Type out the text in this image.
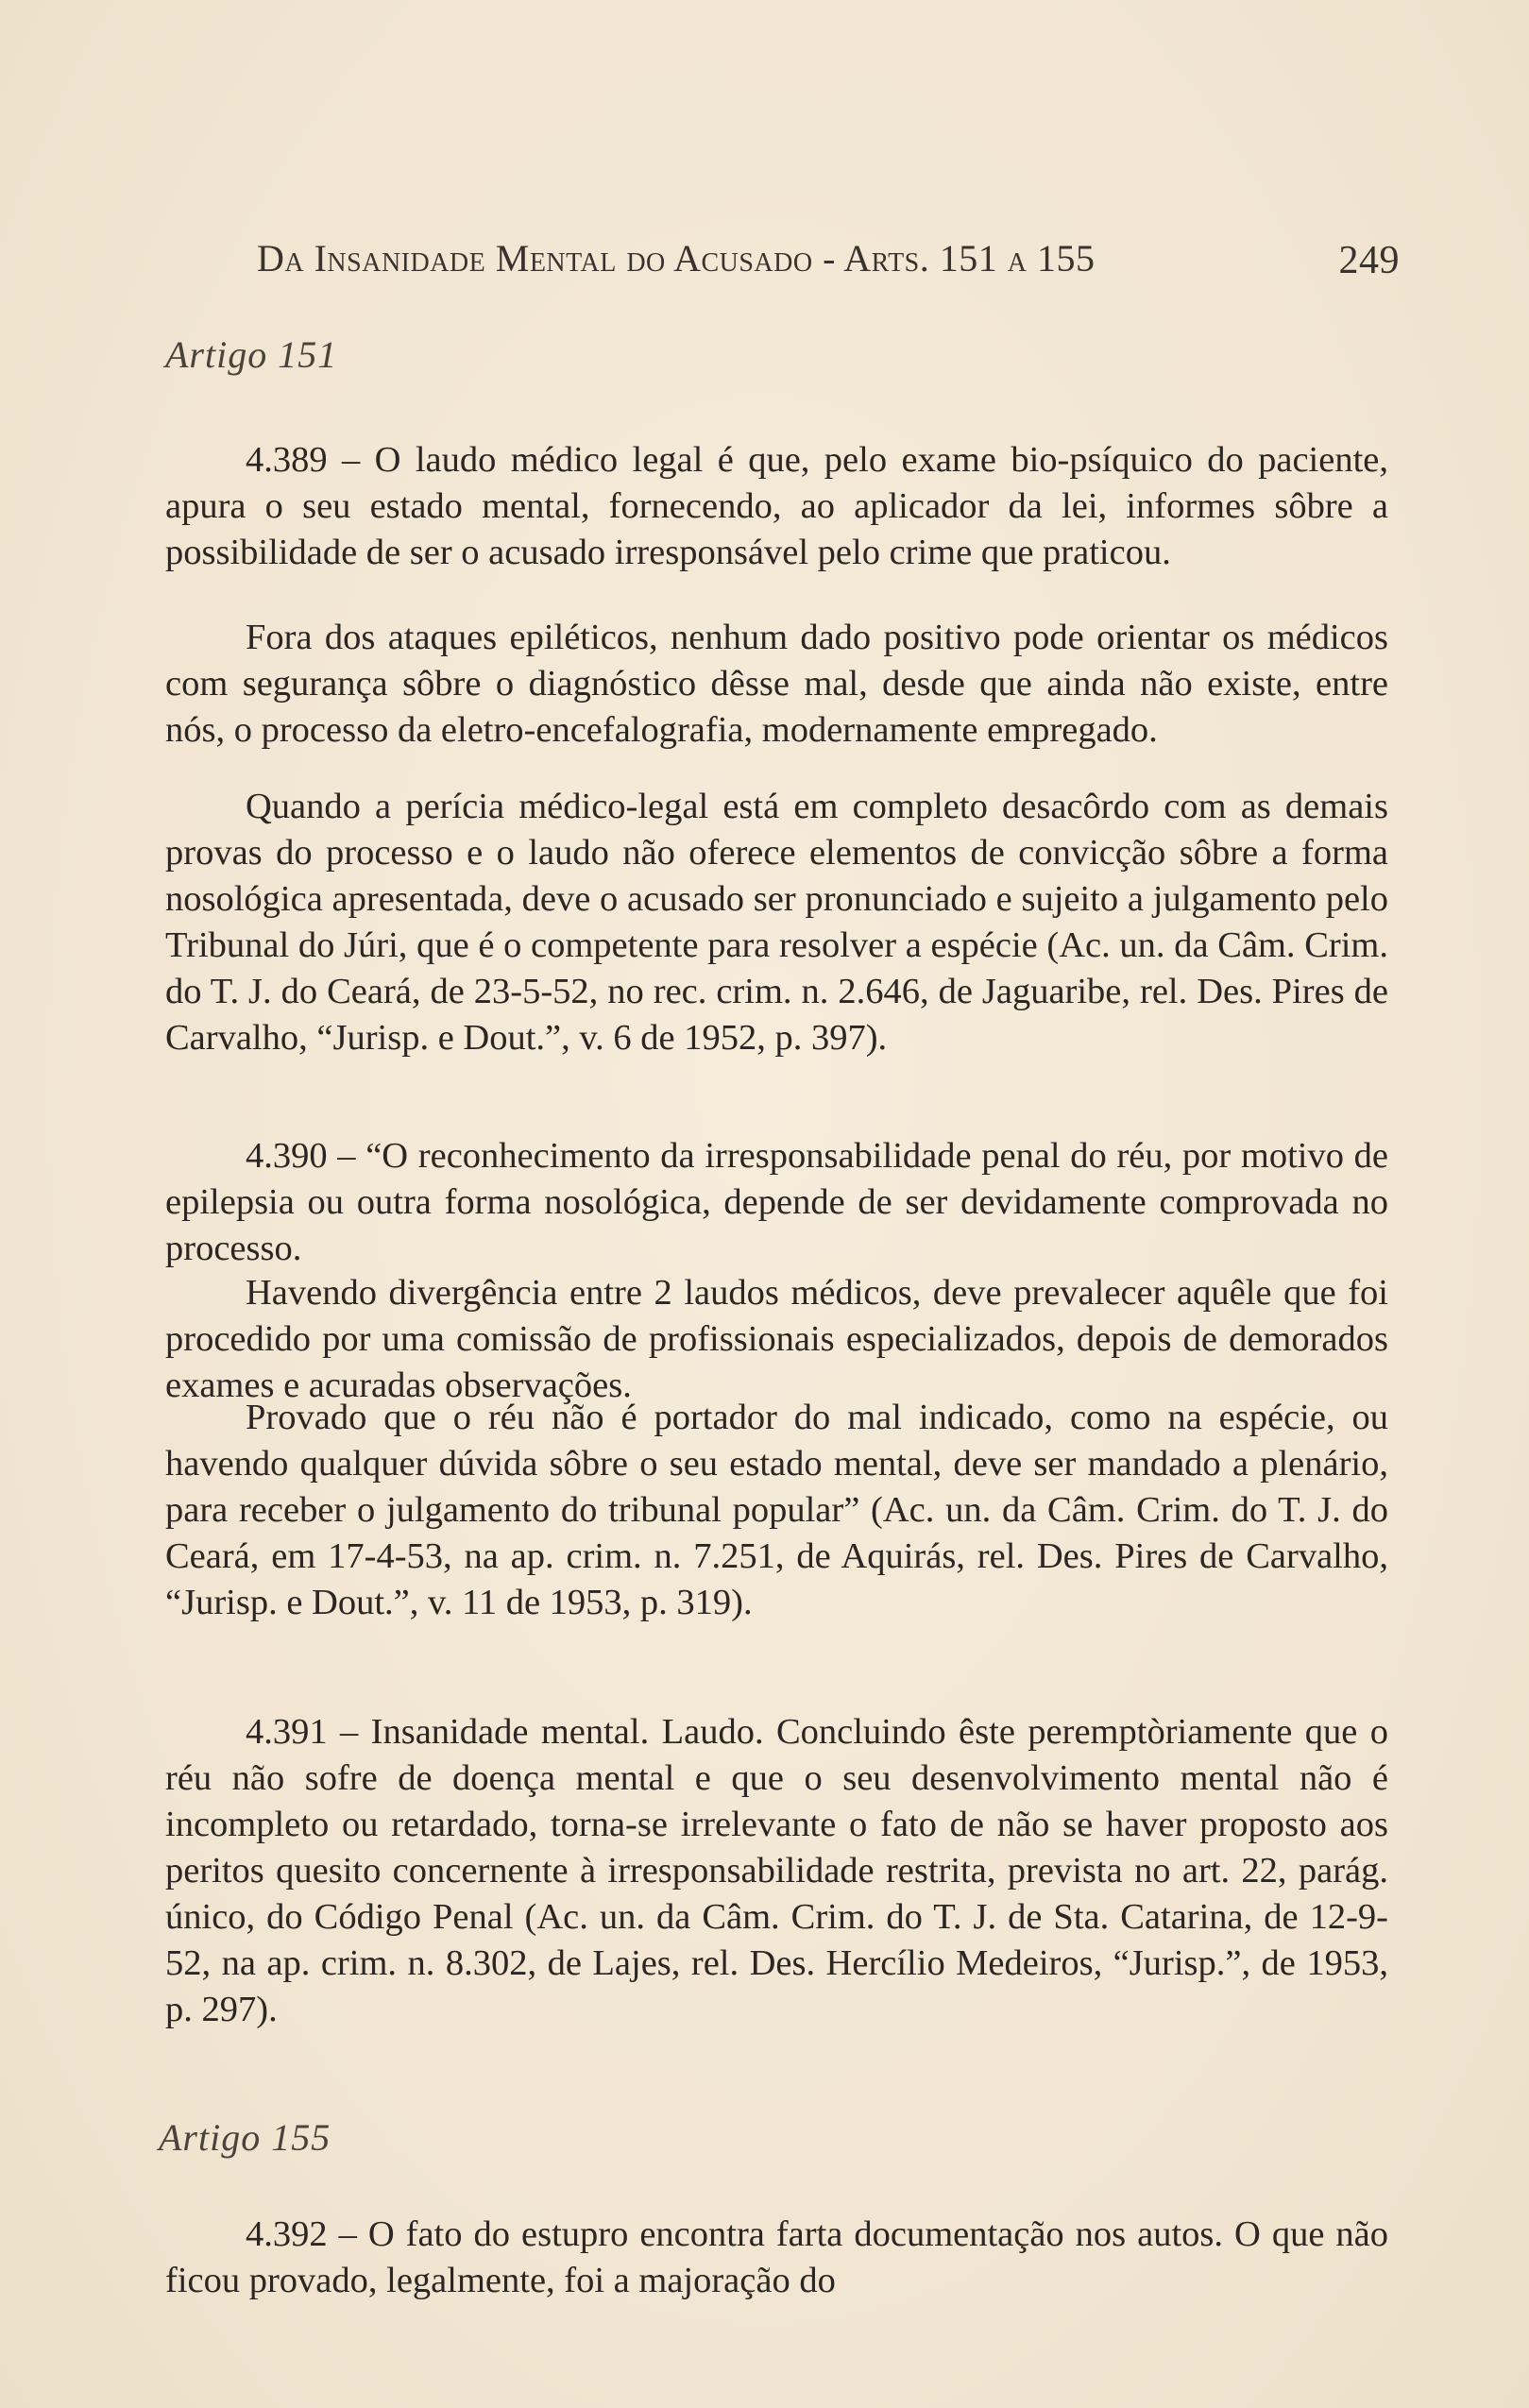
Da Insanidade Mental do Acusado - Arts. 151 a 155	249
Artigo 151

4.389 – O laudo médico legal é que, pelo exame bio-psíquico do paciente, apura o seu estado mental, fornecendo, ao aplicador da lei, informes sôbre a possibilidade de ser o acusado irresponsável pelo crime que praticou.

Fora dos ataques epiléticos, nenhum dado positivo pode orientar os médicos com segurança sôbre o diagnóstico dêsse mal, desde que ainda não existe, entre nós, o processo da eletro-encefalografia, modernamente empregado.

Quando a perícia médico-legal está em completo desacôrdo com as demais provas do processo e o laudo não oferece elementos de convicção sôbre a forma nosológica apresentada, deve o acusado ser pronunciado e sujeito a julgamento pelo Tribunal do Júri, que é o competente para resolver a espécie (Ac. un. da Câm. Crim. do T. J. do Ceará, de 23-5-52, no rec. crim. n. 2.646, de Jaguaribe, rel. Des. Pires de Carvalho, “Jurisp. e Dout.”, v. 6 de 1952, p. 397).

4.390 – “O reconhecimento da irresponsabilidade penal do réu, por motivo de epilepsia ou outra forma nosológica, depende de ser devidamente comprovada no processo.

Havendo divergência entre 2 laudos médicos, deve prevalecer aquêle que foi procedido por uma comissão de profissionais especializados, depois de demorados exames e acuradas observações.

Provado que o réu não é portador do mal indicado, como na espécie, ou havendo qualquer dúvida sôbre o seu estado mental, deve ser mandado a plenário, para receber o julgamento do tribunal popular” (Ac. un. da Câm. Crim. do T. J. do Ceará, em 17-4-53, na ap. crim. n. 7.251, de Aquirás, rel. Des. Pires de Carvalho, “Jurisp. e Dout.”, v. 11 de 1953, p. 319).

4.391 – Insanidade mental. Laudo. Concluindo êste peremptòriamente que o réu não sofre de doença mental e que o seu desenvolvimento mental não é incompleto ou retardado, torna-se irrelevante o fato de não se haver proposto aos peritos quesito concernente à irresponsabilidade restrita, prevista no art. 22, parág. único, do Código Penal (Ac. un. da Câm. Crim. do T. J. de Sta. Catarina, de 12-9-52, na ap. crim. n. 8.302, de Lajes, rel. Des. Hercílio Medeiros, “Jurisp.”, de 1953, p. 297).

Artigo 155

4.392 – O fato do estupro encontra farta documentação nos autos. O que não ficou provado, legalmente, foi a majoração do
